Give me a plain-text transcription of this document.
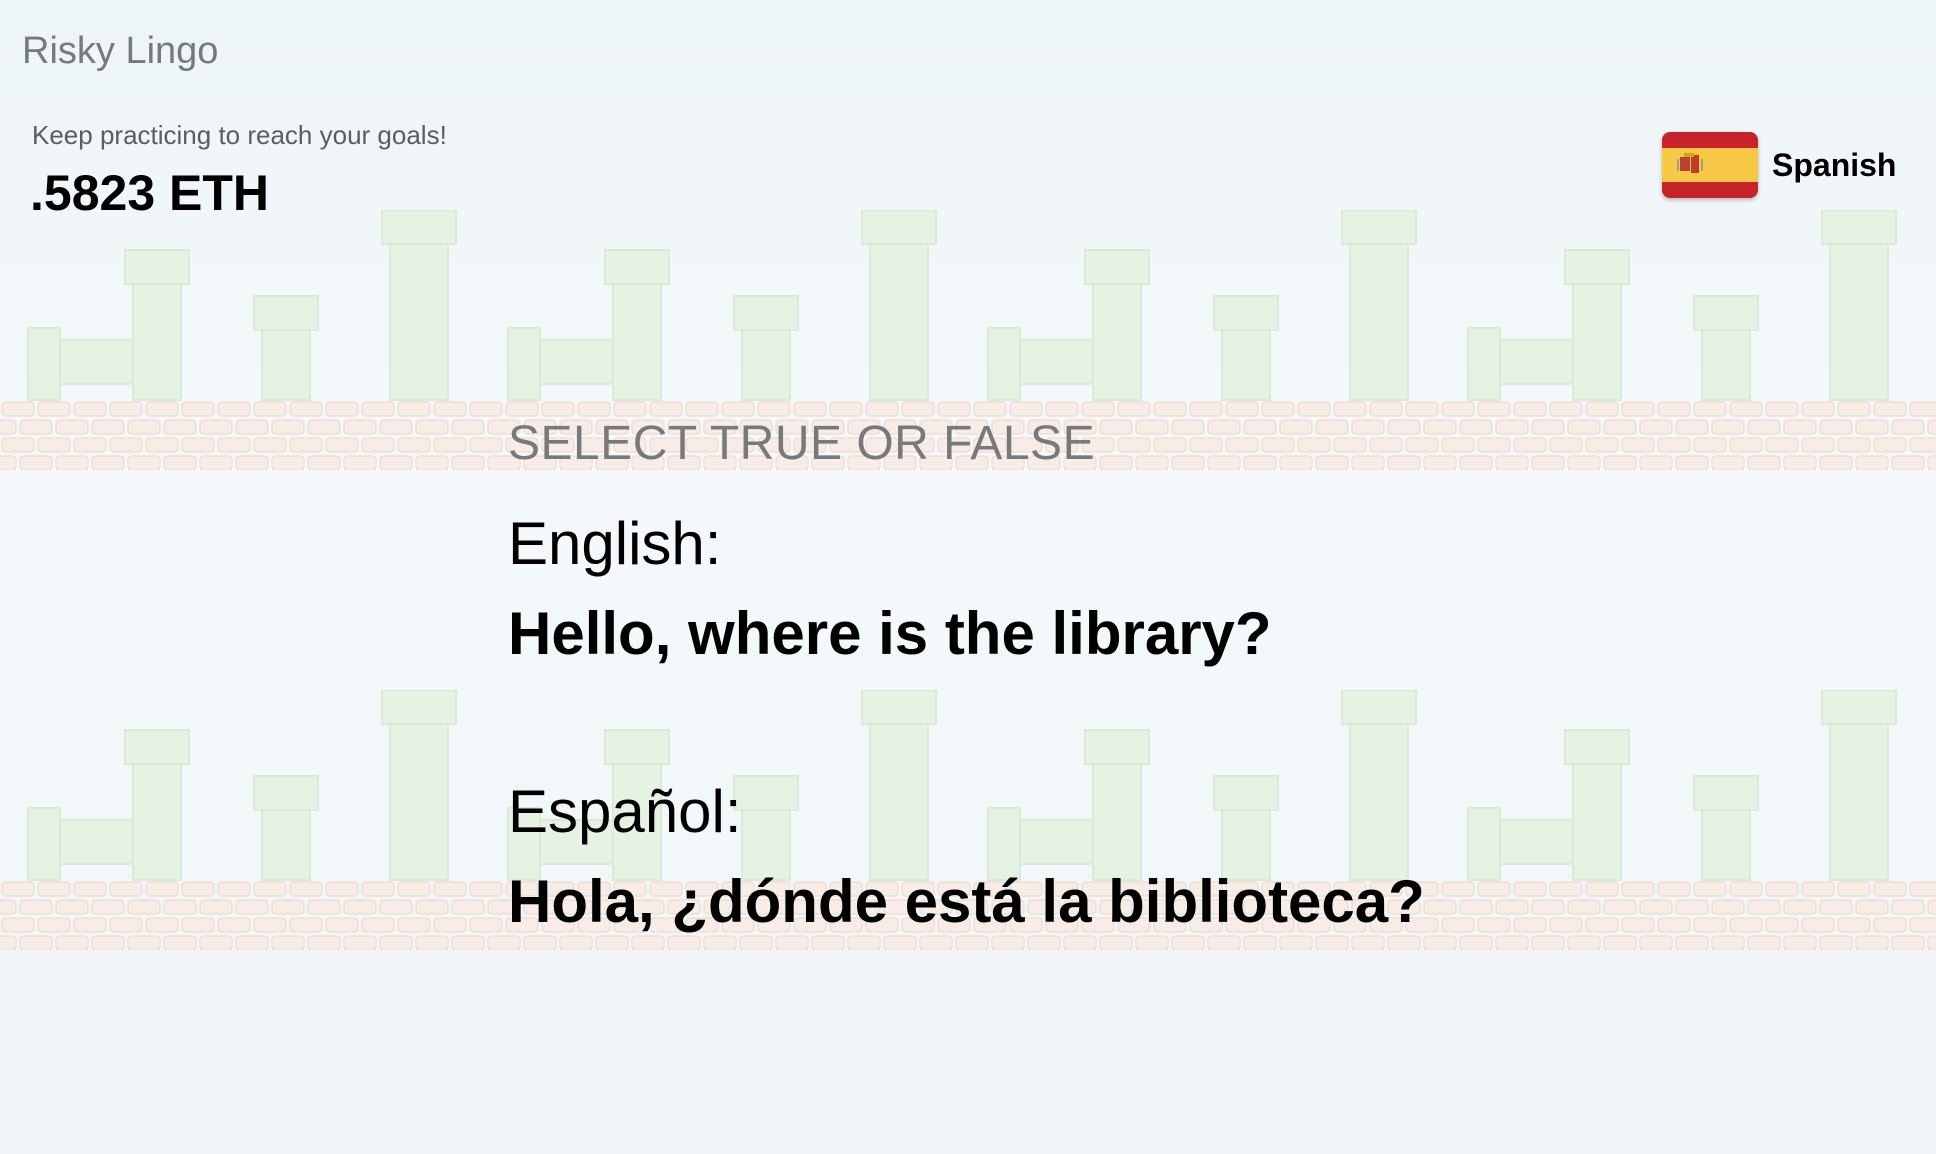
Risky Lingo
Keep practicing to reach your goals!
.5823 ETH
Spanish
SELECT TRUE OR FALSE
English:
Hello, where is the library?
Español:
Hola, ¿dónde está la biblioteca?
